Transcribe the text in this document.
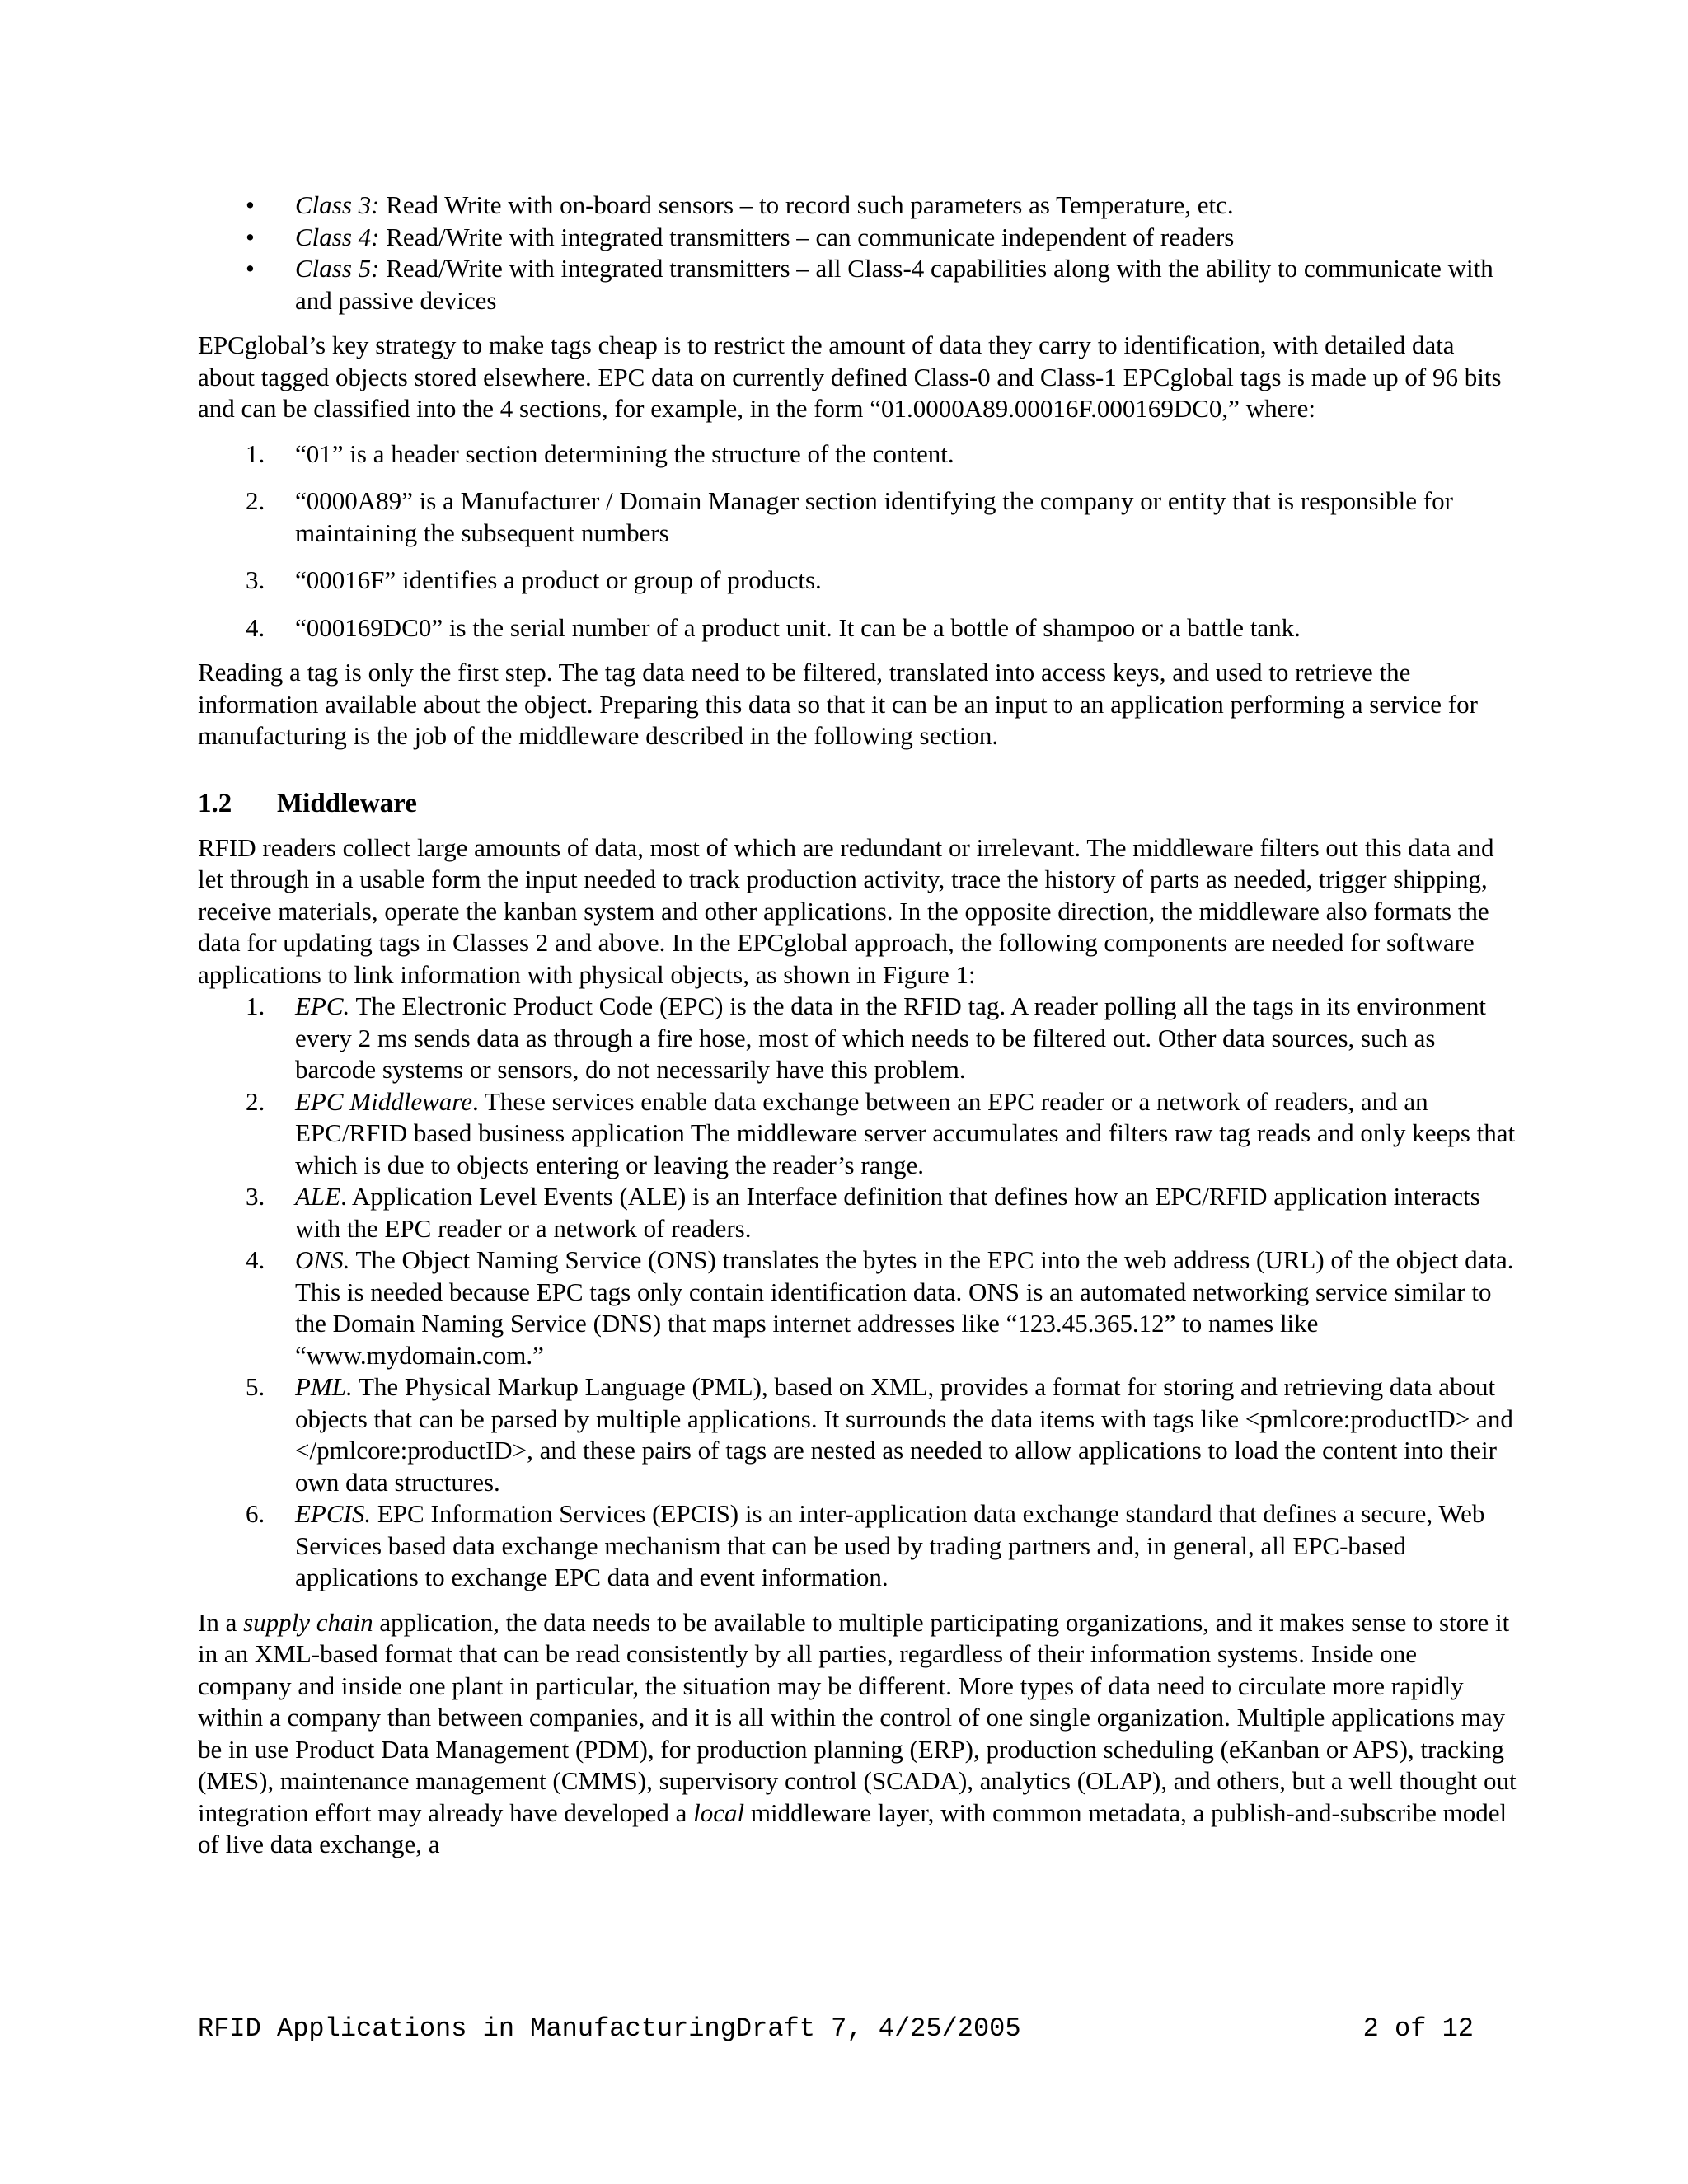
• Class 3: Read Write with on-board sensors – to record such parameters as Temperature, etc.
• Class 4: Read/Write with integrated transmitters – can communicate independent of readers
• Class 5: Read/Write with integrated transmitters – all Class-4 capabilities along with the ability to communicate with and passive devices

EPCglobal’s key strategy to make tags cheap is to restrict the amount of data they carry to identification, with detailed data about tagged objects stored elsewhere. EPC data on currently defined Class-0 and Class-1 EPCglobal tags is made up of 96 bits and can be classified into the 4 sections, for example, in the form “01.0000A89.00016F.000169DC0,” where:

1. “01” is a header section determining the structure of the content.
2. “0000A89” is a Manufacturer / Domain Manager section identifying the company or entity that is responsible for maintaining the subsequent numbers
3. “00016F” identifies a product or group of products.
4. “000169DC0” is the serial number of a product unit. It can be a bottle of shampoo or a battle tank.

Reading a tag is only the first step. The tag data need to be filtered, translated into access keys, and used to retrieve the information available about the object. Preparing this data so that it can be an input to an application performing a service for manufacturing is the job of the middleware described in the following section.

1.2 Middleware

RFID readers collect large amounts of data, most of which are redundant or irrelevant. The middleware filters out this data and let through in a usable form the input needed to track production activity, trace the history of parts as needed, trigger shipping, receive materials, operate the kanban system and other applications. In the opposite direction, the middleware also formats the data for updating tags in Classes 2 and above. In the EPCglobal approach, the following components are needed for software applications to link information with physical objects, as shown in Figure 1:

1. EPC. The Electronic Product Code (EPC) is the data in the RFID tag. A reader polling all the tags in its environment every 2 ms sends data as through a fire hose, most of which needs to be filtered out. Other data sources, such as barcode systems or sensors, do not necessarily have this problem.
2. EPC Middleware. These services enable data exchange between an EPC reader or a network of readers, and an EPC/RFID based business application The middleware server accumulates and filters raw tag reads and only keeps that which is due to objects entering or leaving the reader’s range.
3. ALE. Application Level Events (ALE) is an Interface definition that defines how an EPC/RFID application interacts with the EPC reader or a network of readers.
4. ONS. The Object Naming Service (ONS) translates the bytes in the EPC into the web address (URL) of the object data. This is needed because EPC tags only contain identification data. ONS is an automated networking service similar to the Domain Naming Service (DNS) that maps internet addresses like “123.45.365.12” to names like “www.mydomain.com.”
5. PML. The Physical Markup Language (PML), based on XML, provides a format for storing and retrieving data about objects that can be parsed by multiple applications. It surrounds the data items with tags like <pmlcore:productID> and </pmlcore:productID>, and these pairs of tags are nested as needed to allow applications to load the content into their own data structures.
6. EPCIS. EPC Information Services (EPCIS) is an inter-application data exchange standard that defines a secure, Web Services based data exchange mechanism that can be used by trading partners and, in general, all EPC-based applications to exchange EPC data and event information.

In a supply chain application, the data needs to be available to multiple participating organizations, and it makes sense to store it in an XML-based format that can be read consistently by all parties, regardless of their information systems. Inside one company and inside one plant in particular, the situation may be different. More types of data need to circulate more rapidly within a company than between companies, and it is all within the control of one single organization. Multiple applications may be in use Product Data Management (PDM), for production planning (ERP), production scheduling (eKanban or APS), tracking (MES), maintenance management (CMMS), supervisory control (SCADA), analytics (OLAP), and others, but a well thought out integration effort may already have developed a local middleware layer, with common metadata, a publish-and-subscribe model of live data exchange, a

RFID Applications in ManufacturingDraft 7, 4/25/2005	2 of 12
